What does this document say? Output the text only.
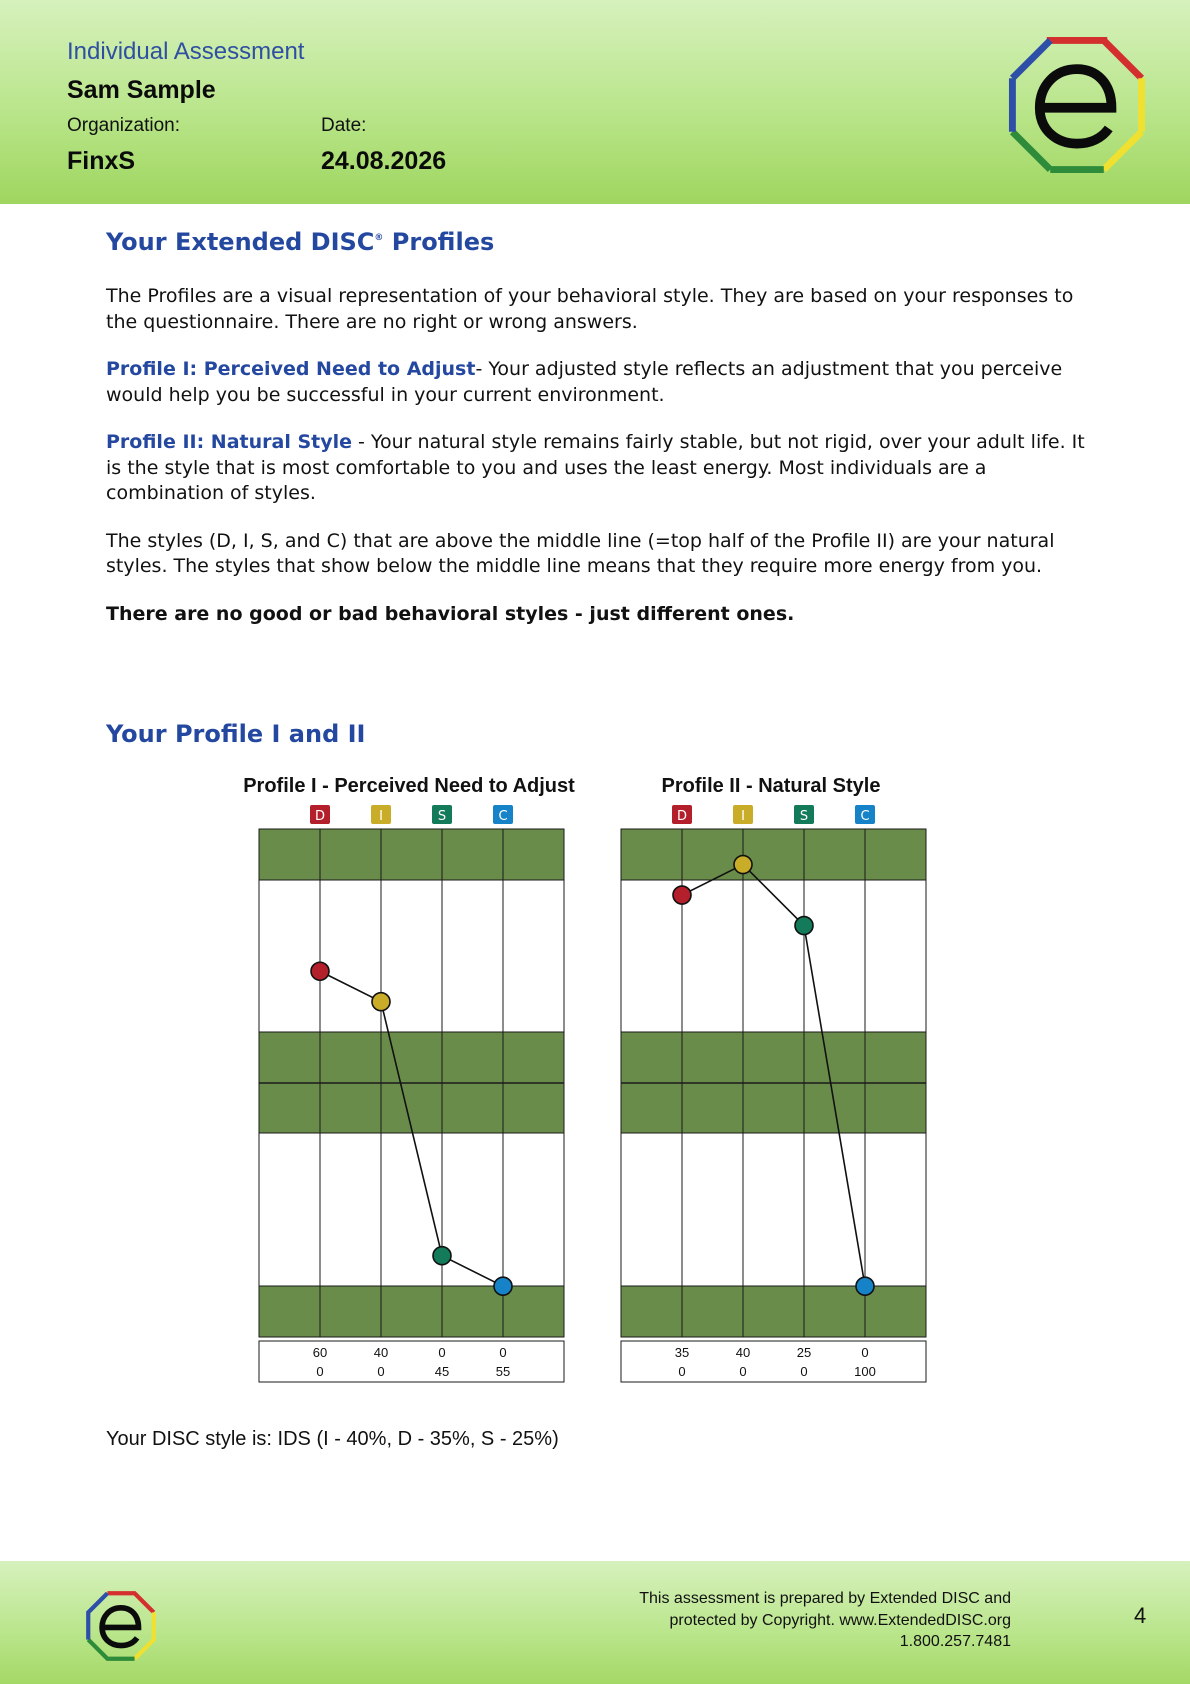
Individual Assessment
Sam Sample
Organization:	Date:
FinxS	24.08.2026
Your Extended DISC® Profiles

The Profiles are a visual representation of your behavioral style. They are based on your responses to the questionnaire. There are no right or wrong answers.

Profile I: Perceived Need to Adjust- Your adjusted style reflects an adjustment that you perceive would help you be successful in your current environment.

Profile II: Natural Style - Your natural style remains fairly stable, but not rigid, over your adult life. It is the style that is most comfortable to you and uses the least energy. Most individuals are a combination of styles.

The styles (D, I, S, and C) that are above the middle line (=top half of the Profile II) are your natural styles. The styles that show below the middle line means that they require more energy from you.

There are no good or bad behavioral styles - just different ones.

Your Profile I and II
Profile I - Perceived Need to Adjust
D	I	S	C
60	40	0	0
0	0	45	55
Profile II - Natural Style
D	I	S	C
35	40	25	0
0	0	0	100
Your DISC style is: IDS (I - 40%, D - 35%, S - 25%)
This assessment is prepared by Extended DISC and
protected by Copyright. www.ExtendedDISC.org
1.800.257.7481
4
